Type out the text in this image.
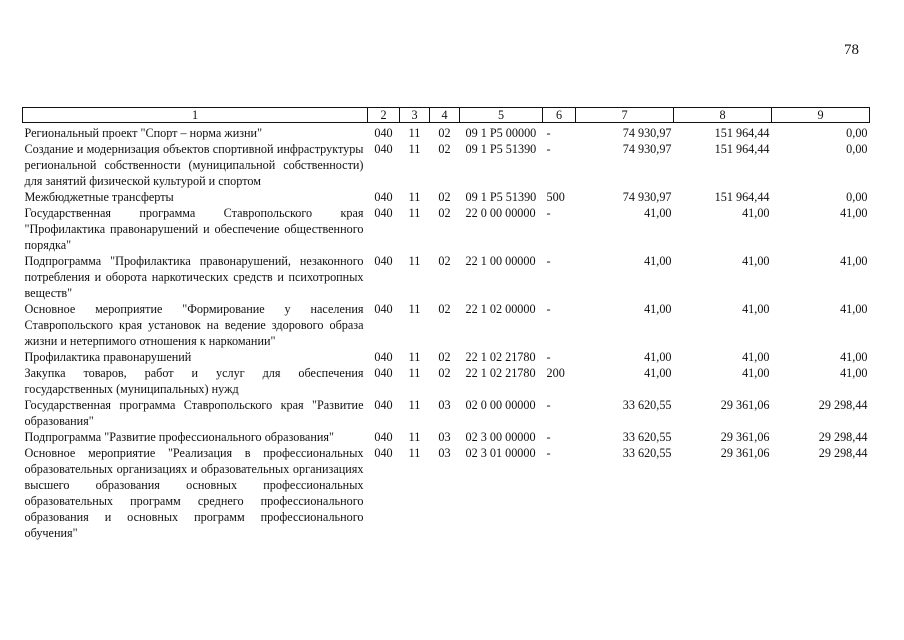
78
1	2	3	4	5	6	7	8	9
Региональный проект "Спорт – норма жизни"	040	11	02	09 1 P5 00000	-	74 930,97	151 964,44	0,00
Создание и модернизация объектов спортивной инфраструктуры региональной собственности (муниципальной собственности) для занятий физической культурой и спортом	040	11	02	09 1 P5 51390	-	74 930,97	151 964,44	0,00
Межбюджетные трансферты	040	11	02	09 1 P5 51390	500	74 930,97	151 964,44	0,00
Государственная программа Ставропольского края "Профилактика правонарушений и обеспечение общественного порядка"	040	11	02	22 0 00 00000	-	41,00	41,00	41,00
Подпрограмма "Профилактика правонарушений, незаконного потребления и оборота наркотических средств и психотропных веществ"	040	11	02	22 1 00 00000	-	41,00	41,00	41,00
Основное мероприятие "Формирование у населения Ставропольского края установок на ведение здорового образа жизни и нетерпимого отношения к наркомании"	040	11	02	22 1 02 00000	-	41,00	41,00	41,00
Профилактика правонарушений	040	11	02	22 1 02 21780	-	41,00	41,00	41,00
Закупка товаров, работ и услуг для обеспечения государственных (муниципальных) нужд	040	11	02	22 1 02 21780	200	41,00	41,00	41,00
Государственная программа Ставропольского края "Развитие образования"	040	11	03	02 0 00 00000	-	33 620,55	29 361,06	29 298,44
Подпрограмма "Развитие профессионального образования"	040	11	03	02 3 00 00000	-	33 620,55	29 361,06	29 298,44
Основное мероприятие "Реализация в профессиональных образовательных организациях и образовательных организациях высшего образования основных профессиональных образовательных программ среднего профессионального образования и основных программ профессионального обучения"	040	11	03	02 3 01 00000	-	33 620,55	29 361,06	29 298,44
